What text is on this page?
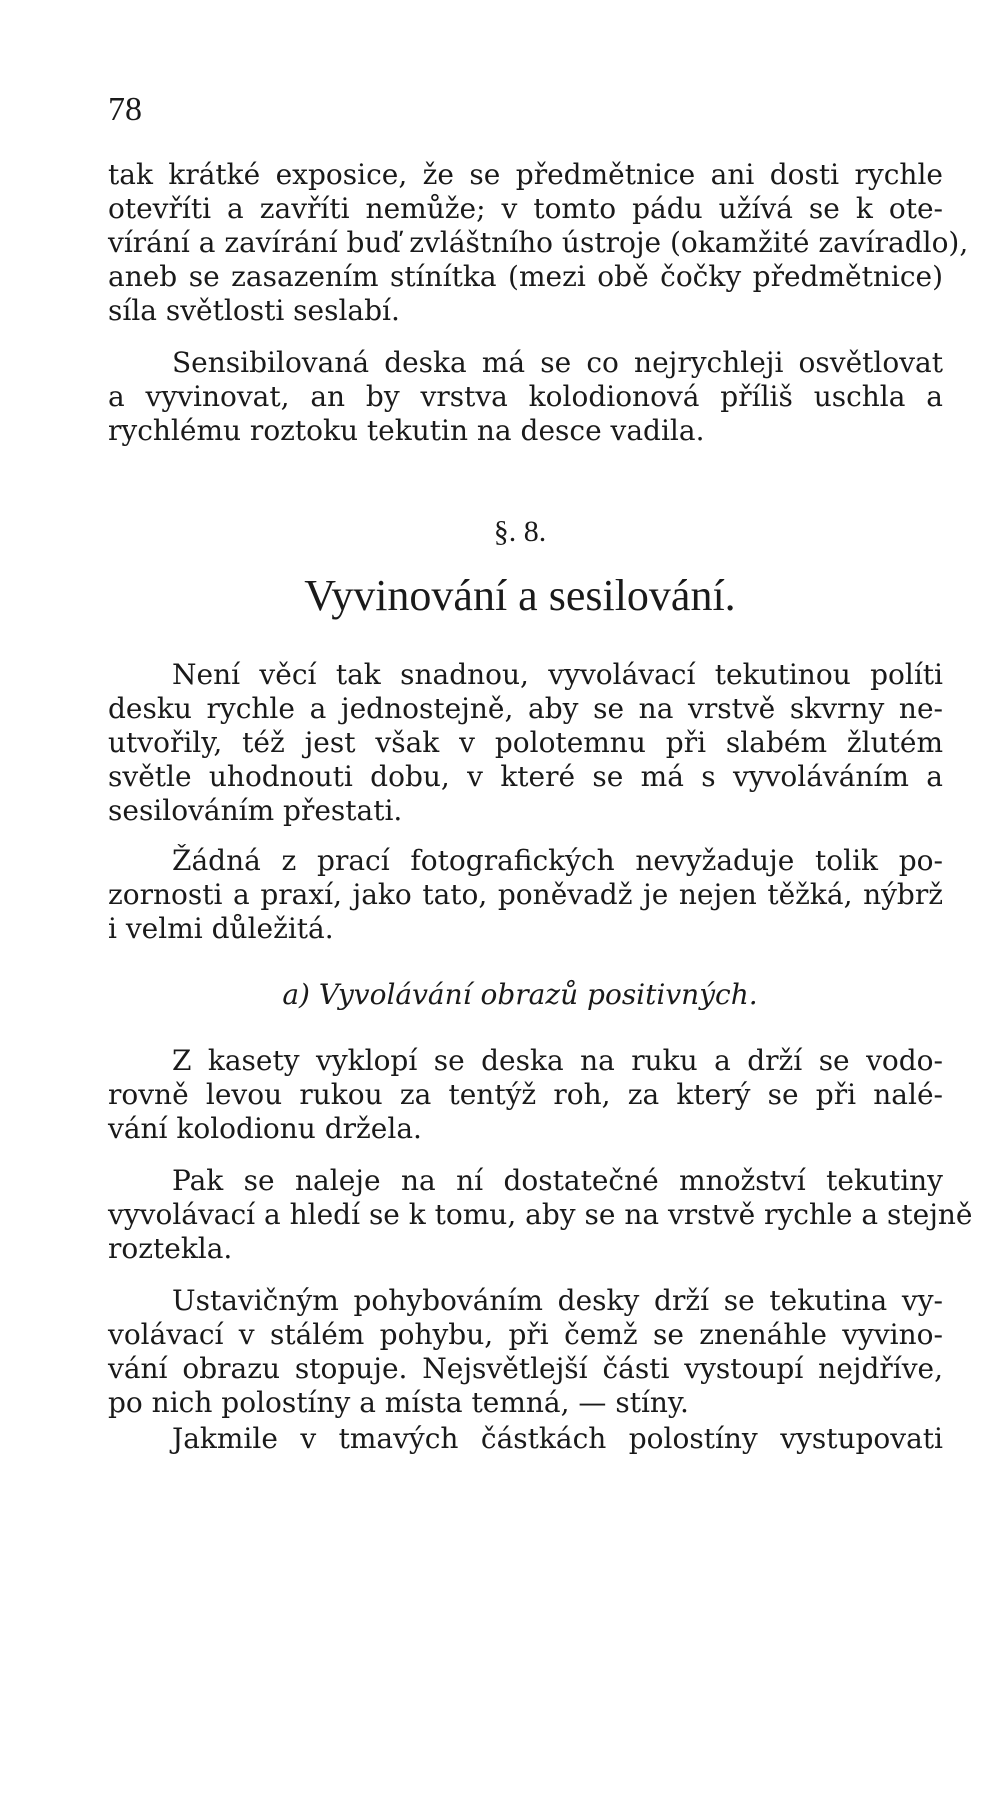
78
tak krátké exposice, že se předmětnice ani dosti rychle
otevříti a zavříti nemůže; v tomto pádu užívá se k ote-
vírání a zavírání buď zvláštního ústroje (okamžité zavíradlo),
aneb se zasazením stínítka (mezi obě čočky předmětnice)
síla světlosti seslabí.
Sensibilovaná deska má se co nejrychleji osvětlovat
a vyvinovat, an by vrstva kolodionová příliš uschla a
rychlému roztoku tekutin na desce vadila.
§. 8.
Vyvinování a sesilování.
Není věcí tak snadnou, vyvolávací tekutinou políti
desku rychle a jednostejně, aby se na vrstvě skvrny ne-
utvořily, též jest však v polotemnu při slabém žlutém
světle uhodnouti dobu, v které se má s vyvoláváním a
sesilováním přestati.
Žádná z prací fotografických nevyžaduje tolik po-
zornosti a praxí, jako tato, poněvadž je nejen těžká, nýbrž
i velmi důležitá.
a) Vyvolávání obrazů positivných.
Z kasety vyklopí se deska na ruku a drží se vodo-
rovně levou rukou za tentýž roh, za který se při nalé-
vání kolodionu držela.
Pak se naleje na ní dostatečné množství tekutiny
vyvolávací a hledí se k tomu, aby se na vrstvě rychle a stejně
roztekla.
Ustavičným pohybováním desky drží se tekutina vy-
volávací v stálém pohybu, při čemž se znenáhle vyvino-
vání obrazu stopuje. Nejsvětlejší části vystoupí nejdříve,
po nich polostíny a místa temná, — stíny.
Jakmile v tmavých částkách polostíny vystupovati
